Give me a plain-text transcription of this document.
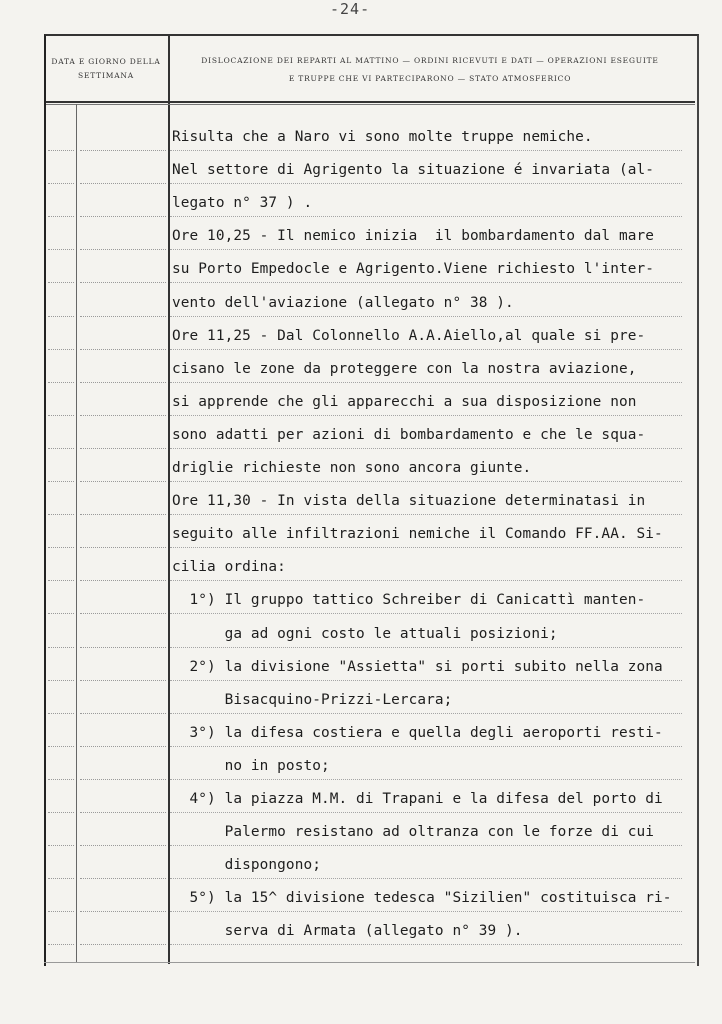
-24-
DATA E GIORNO DELLA SETTIMANA
DISLOCAZIONE DEI REPARTI AL MATTINO — ORDINI RICEVUTI E DATI — OPERAZIONI ESEGUITE
E TRUPPE CHE VI PARTECIPARONO — STATO ATMOSFERICO
Risulta che a Naro vi sono molte truppe nemiche.
Nel settore di Agrigento la situazione é invariata (al-
legato n° 37 ) .
Ore 10,25 - Il nemico inizia  il bombardamento dal mare
su Porto Empedocle e Agrigento.Viene richiesto l'inter-
vento dell'aviazione (allegato n° 38 ).
Ore 11,25 - Dal Colonnello A.A.Aiello,al quale si pre-
cisano le zone da proteggere con la nostra aviazione,
si apprende che gli apparecchi a sua disposizione non
sono adatti per azioni di bombardamento e che le squa-
driglie richieste non sono ancora giunte.
Ore 11,30 - In vista della situazione determinatasi in
seguito alle infiltrazioni nemiche il Comando FF.AA. Si-
cilia ordina:
1°) Il gruppo tattico Schreiber di Canicattì manten-
ga ad ogni costo le attuali posizioni;
2°) la divisione "Assietta" si porti subito nella zona
Bisacquino-Prizzi-Lercara;
3°) la difesa costiera e quella degli aeroporti resti-
no in posto;
4°) la piazza M.M. di Trapani e la difesa del porto di
Palermo resistano ad oltranza con le forze di cui
dispongono;
5°) la 15^ divisione tedesca "Sizilien" costituisca ri-
serva di Armata (allegato n° 39 ).
